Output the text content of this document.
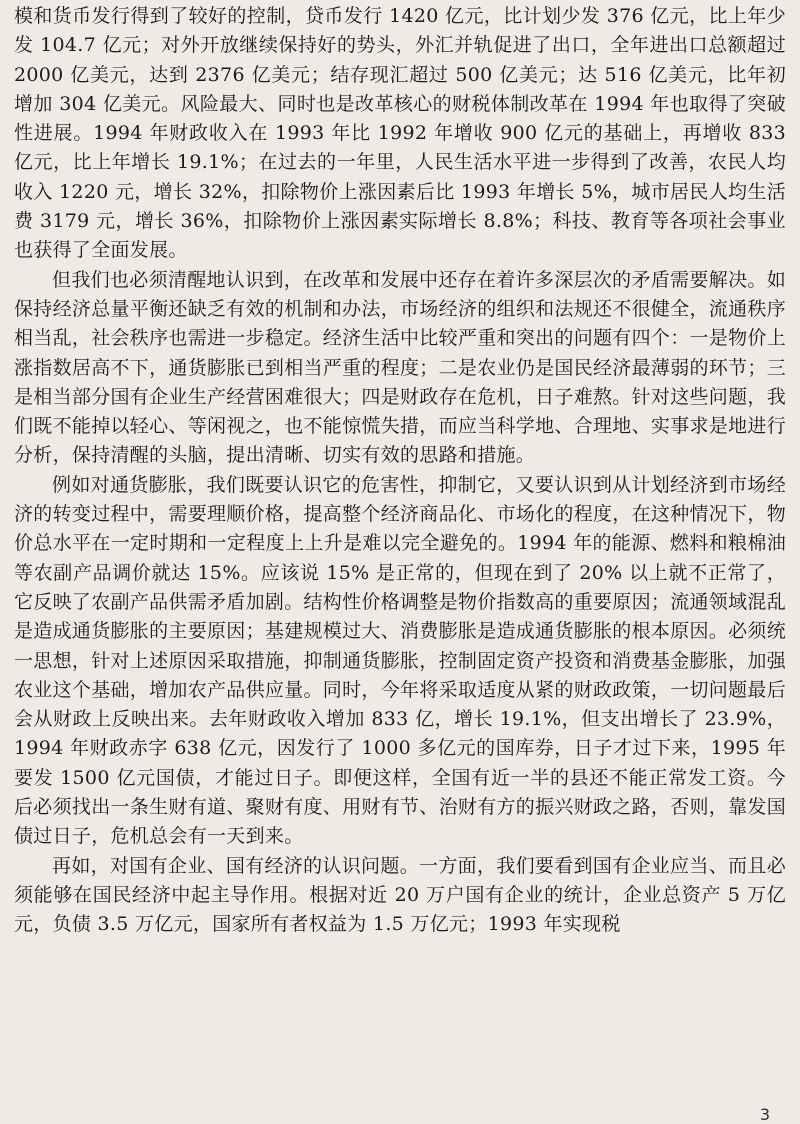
模和货币发行得到了较好的控制，贷币发行 1420 亿元，比计划少发 376 亿元，比上年少发 104.7 亿元；对外开放继续保持好的势头，外汇并轨促进了出口，全年进出口总额超过 2000 亿美元，达到 2376 亿美元；结存现汇超过 500 亿美元；达 516 亿美元，比年初增加 304 亿美元。风险最大、同时也是改革核心的财税体制改革在 1994 年也取得了突破性进展。1994 年财政收入在 1993 年比 1992 年增收 900 亿元的基础上，再增收 833 亿元，比上年增长 19.1%；在过去的一年里，人民生活水平进一步得到了改善，农民人均收入 1220 元，增长 32%，扣除物价上涨因素后比 1993 年增长 5%，城市居民人均生活费 3179 元，增长 36%，扣除物价上涨因素实际增长 8.8%；科技、教育等各项社会事业也获得了全面发展。

但我们也必须清醒地认识到，在改革和发展中还存在着许多深层次的矛盾需要解决。如保持经济总量平衡还缺乏有效的机制和办法，市场经济的组织和法规还不很健全，流通秩序相当乱，社会秩序也需进一步稳定。经济生活中比较严重和突出的问题有四个：一是物价上涨指数居高不下，通货膨胀已到相当严重的程度；二是农业仍是国民经济最薄弱的环节；三是相当部分国有企业生产经营困难很大；四是财政存在危机，日子难熬。针对这些问题，我们既不能掉以轻心、等闲视之，也不能惊慌失措，而应当科学地、合理地、实事求是地进行分析，保持清醒的头脑，提出清晰、切实有效的思路和措施。

例如对通货膨胀，我们既要认识它的危害性，抑制它，又要认识到从计划经济到市场经济的转变过程中，需要理顺价格，提高整个经济商品化、市场化的程度，在这种情况下，物价总水平在一定时期和一定程度上上升是难以完全避免的。1994 年的能源、燃料和粮棉油等农副产品调价就达 15%。应该说 15% 是正常的，但现在到了 20% 以上就不正常了，它反映了农副产品供需矛盾加剧。结构性价格调整是物价指数高的重要原因；流通领域混乱是造成通货膨胀的主要原因；基建规模过大、消费膨胀是造成通货膨胀的根本原因。必须统一思想，针对上述原因采取措施，抑制通货膨胀，控制固定资产投资和消费基金膨胀，加强农业这个基础，增加农产品供应量。同时，今年将采取适度从紧的财政政策，一切问题最后会从财政上反映出来。去年财政收入增加 833 亿，增长 19.1%，但支出增长了 23.9%，1994 年财政赤字 638 亿元，因发行了 1000 多亿元的国库券，日子才过下来，1995 年要发 1500 亿元国债，才能过日子。即便这样，全国有近一半的县还不能正常发工资。今后必须找出一条生财有道、聚财有度、用财有节、治财有方的振兴财政之路，否则，靠发国债过日子，危机总会有一天到来。

再如，对国有企业、国有经济的认识问题。一方面，我们要看到国有企业应当、而且必须能够在国民经济中起主导作用。根据对近 20 万户国有企业的统计，企业总资产 5 万亿元，负债 3.5 万亿元，国家所有者权益为 1.5 万亿元；1993 年实现税

3
